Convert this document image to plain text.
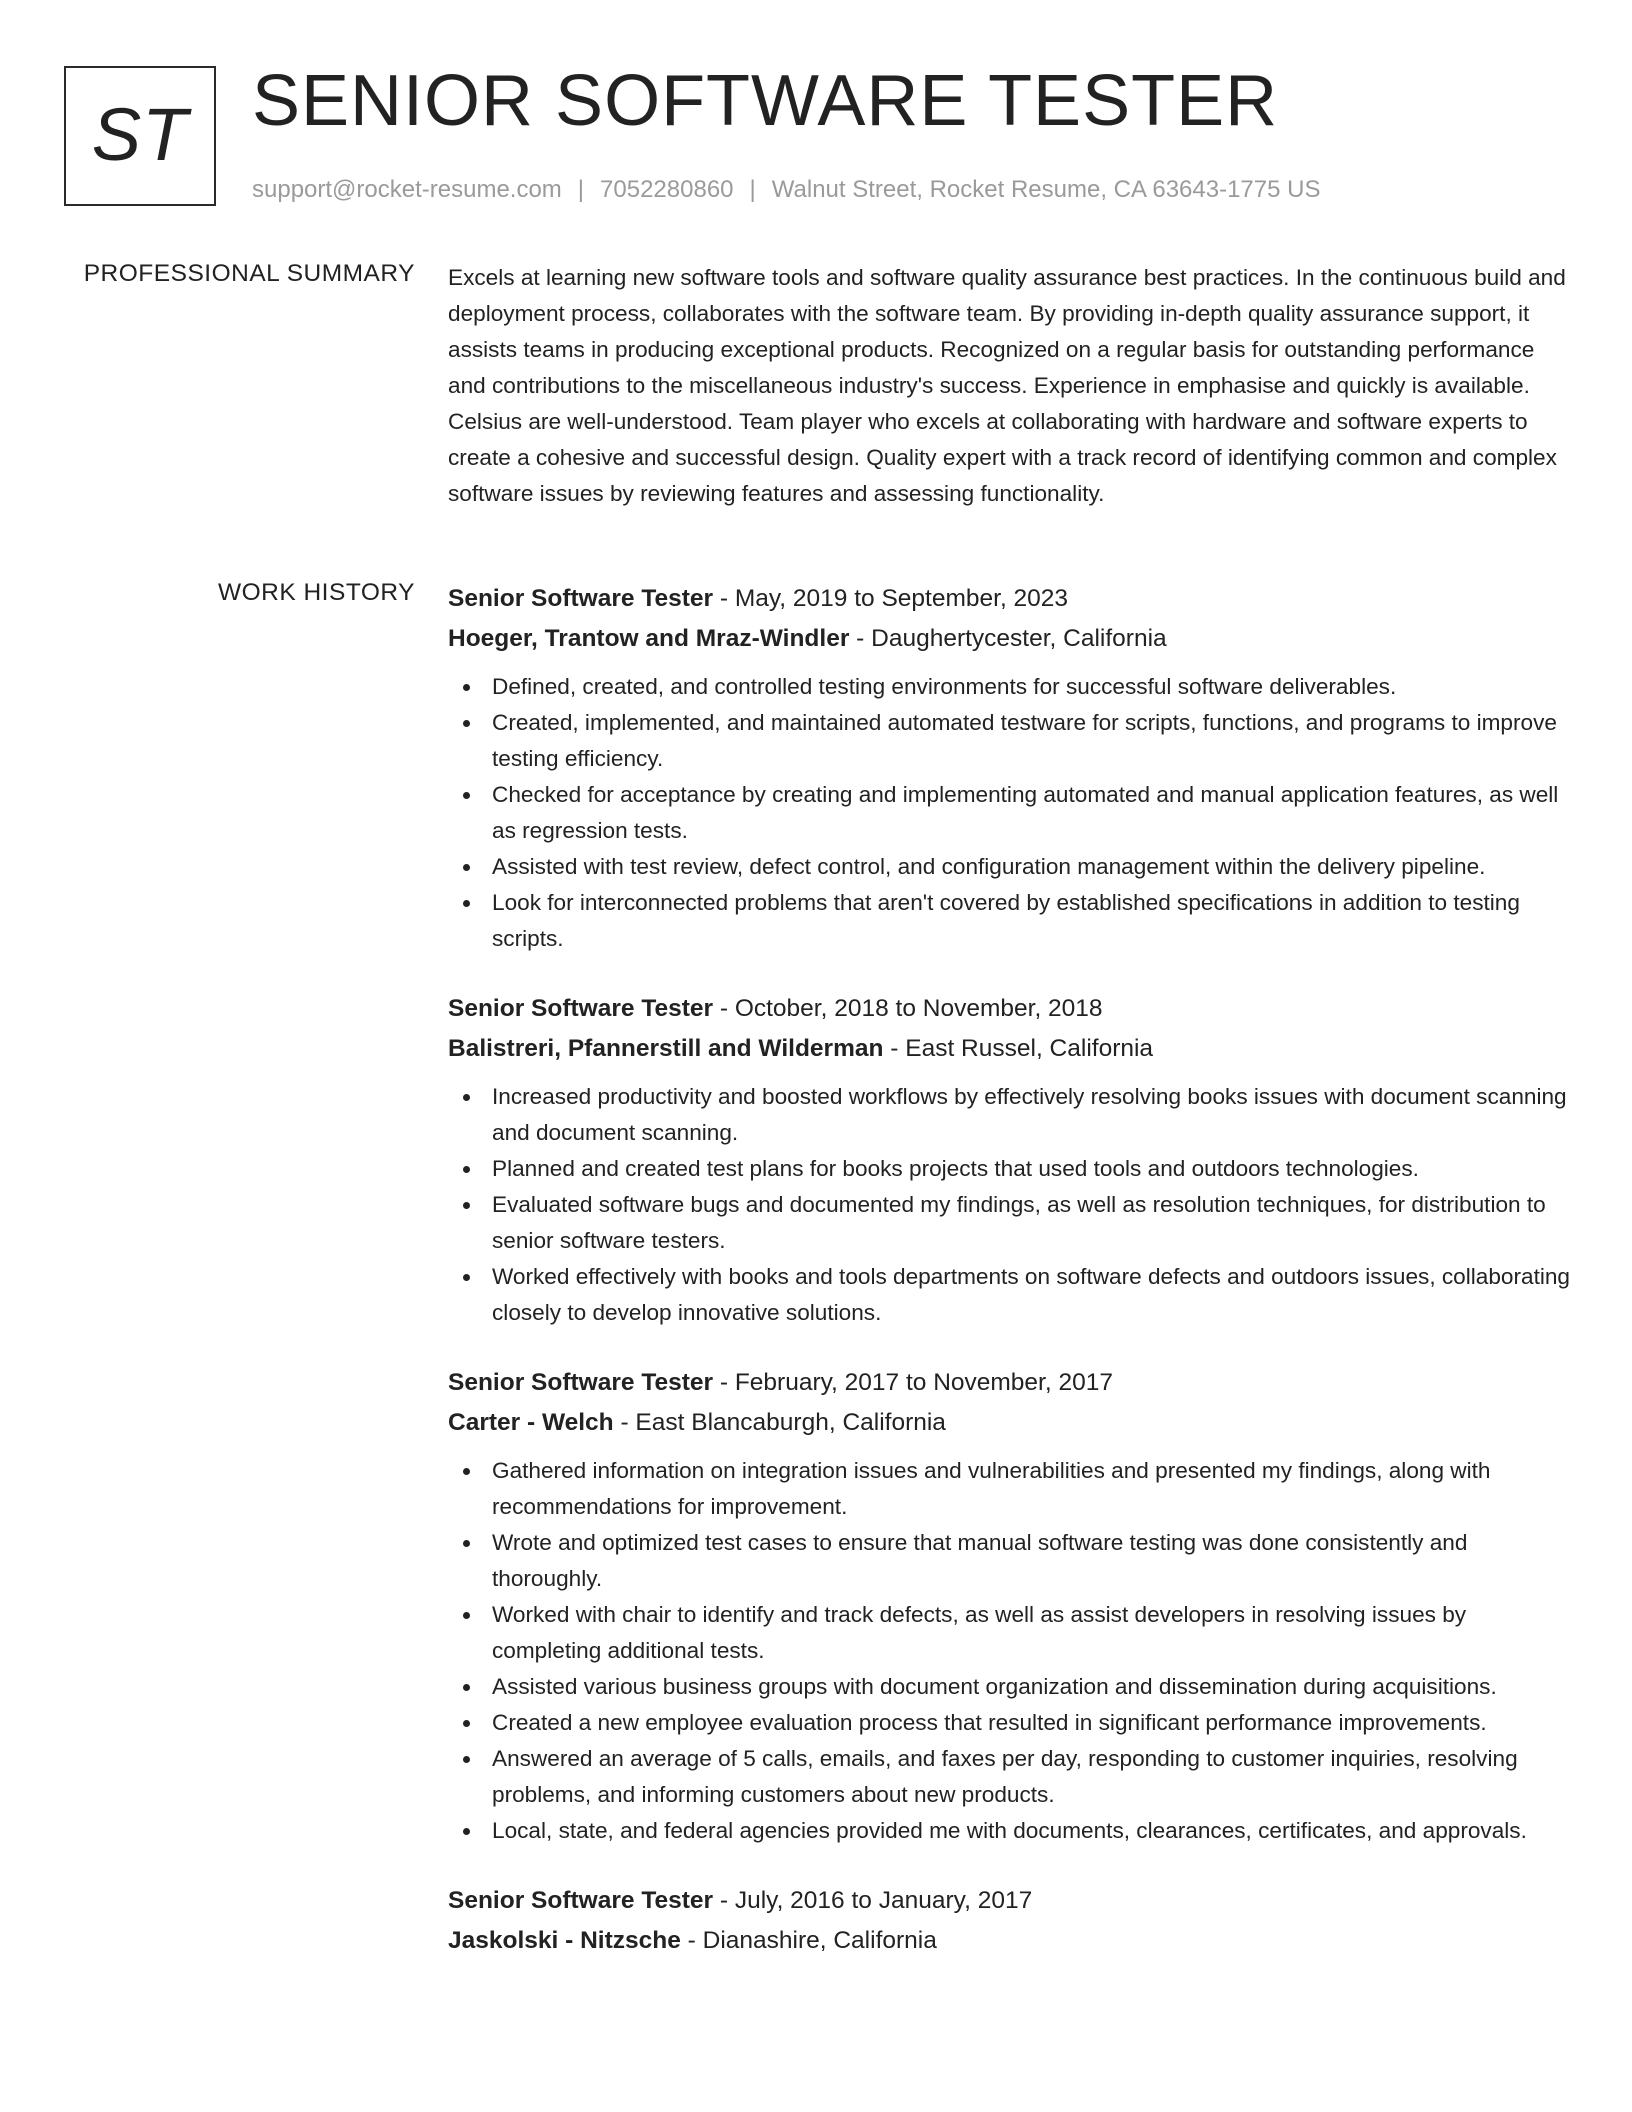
ST SENIOR SOFTWARE TESTER
support@rocket-resume.com | 7052280860 | Walnut Street, Rocket Resume, CA 63643-1775 US
PROFESSIONAL SUMMARY Excels at learning new software tools and software quality assurance best practices. In the continuous build and deployment process, collaborates with the software team. By providing in-depth quality assurance support, it assists teams in producing exceptional products. Recognized on a regular basis for outstanding performance and contributions to the miscellaneous industry's success. Experience in emphasise and quickly is available. Celsius are well-understood. Team player who excels at collaborating with hardware and software experts to create a cohesive and successful design. Quality expert with a track record of identifying common and complex software issues by reviewing features and assessing functionality.

WORK HISTORY Senior Software Tester - May, 2019 to September, 2023
Hoeger, Trantow and Mraz-Windler - Daughertycester, California
Defined, created, and controlled testing environments for successful software deliverables.
Created, implemented, and maintained automated testware for scripts, functions, and programs to improve testing efficiency.
Checked for acceptance by creating and implementing automated and manual application features, as well as regression tests.
Assisted with test review, defect control, and configuration management within the delivery pipeline.
Look for interconnected problems that aren't covered by established specifications in addition to testing scripts.
Senior Software Tester - October, 2018 to November, 2018
Balistreri, Pfannerstill and Wilderman - East Russel, California
Increased productivity and boosted workflows by effectively resolving books issues with document scanning and document scanning.
Planned and created test plans for books projects that used tools and outdoors technologies.
Evaluated software bugs and documented my findings, as well as resolution techniques, for distribution to senior software testers.
Worked effectively with books and tools departments on software defects and outdoors issues, collaborating closely to develop innovative solutions.
Senior Software Tester - February, 2017 to November, 2017
Carter - Welch - East Blancaburgh, California
Gathered information on integration issues and vulnerabilities and presented my findings, along with recommendations for improvement.
Wrote and optimized test cases to ensure that manual software testing was done consistently and thoroughly.
Worked with chair to identify and track defects, as well as assist developers in resolving issues by completing additional tests.
Assisted various business groups with document organization and dissemination during acquisitions.
Created a new employee evaluation process that resulted in significant performance improvements.
Answered an average of 5 calls, emails, and faxes per day, responding to customer inquiries, resolving problems, and informing customers about new products.
Local, state, and federal agencies provided me with documents, clearances, certificates, and approvals.
Senior Software Tester - July, 2016 to January, 2017
Jaskolski - Nitzsche - Dianashire, California
